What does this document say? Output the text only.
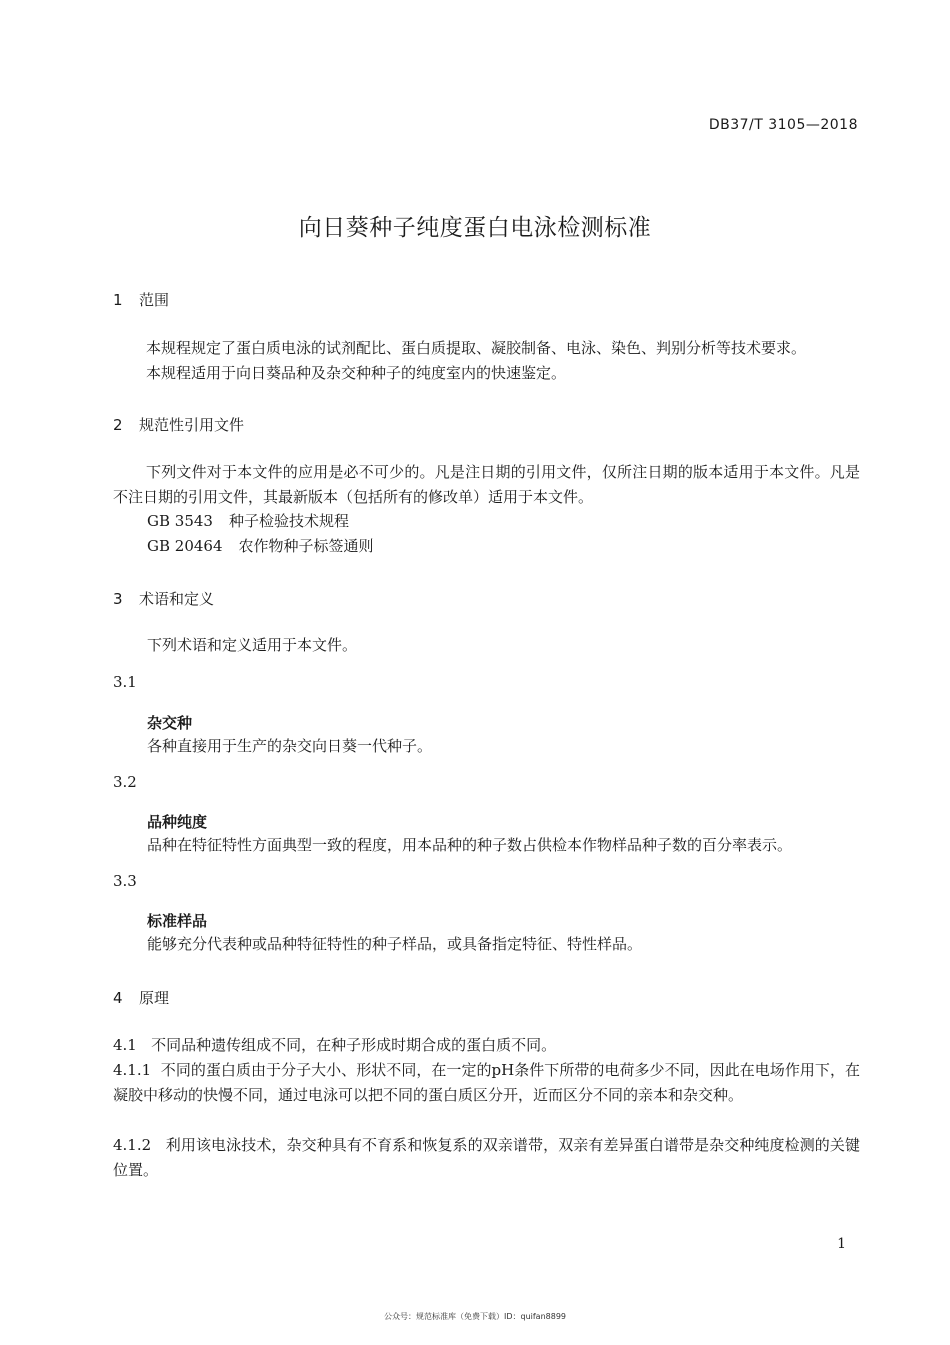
DB37/T 3105—2018
向日葵种子纯度蛋白电泳检测标准
1 范围
本规程规定了蛋白质电泳的试剂配比、蛋白质提取、凝胶制备、电泳、染色、判别分析等技术要求。
本规程适用于向日葵品种及杂交种种子的纯度室内的快速鉴定。
2 规范性引用文件
下列文件对于本文件的应用是必不可少的。凡是注日期的引用文件，仅所注日期的版本适用于本文件。凡是不注日期的引用文件，其最新版本（包括所有的修改单）适用于本文件。
GB 3543 种子检验技术规程
GB 20464 农作物种子标签通则
3 术语和定义
下列术语和定义适用于本文件。
3.1
杂交种
各种直接用于生产的杂交向日葵一代种子。
3.2
品种纯度
品种在特征特性方面典型一致的程度，用本品种的种子数占供检本作物样品种子数的百分率表示。
3.3
标准样品
能够充分代表种或品种特征特性的种子样品，或具备指定特征、特性样品。
4 原理
4.1 不同品种遗传组成不同，在种子形成时期合成的蛋白质不同。
4.1.1 不同的蛋白质由于分子大小、形状不同，在一定的pH条件下所带的电荷多少不同，因此在电场作用下，在凝胶中移动的快慢不同，通过电泳可以把不同的蛋白质区分开，近而区分不同的亲本和杂交种。
4.1.2 利用该电泳技术，杂交种具有不育系和恢复系的双亲谱带，双亲有差异蛋白谱带是杂交种纯度检测的关键位置。
1
公众号：规范标准库（免费下载）ID：quifan8899
